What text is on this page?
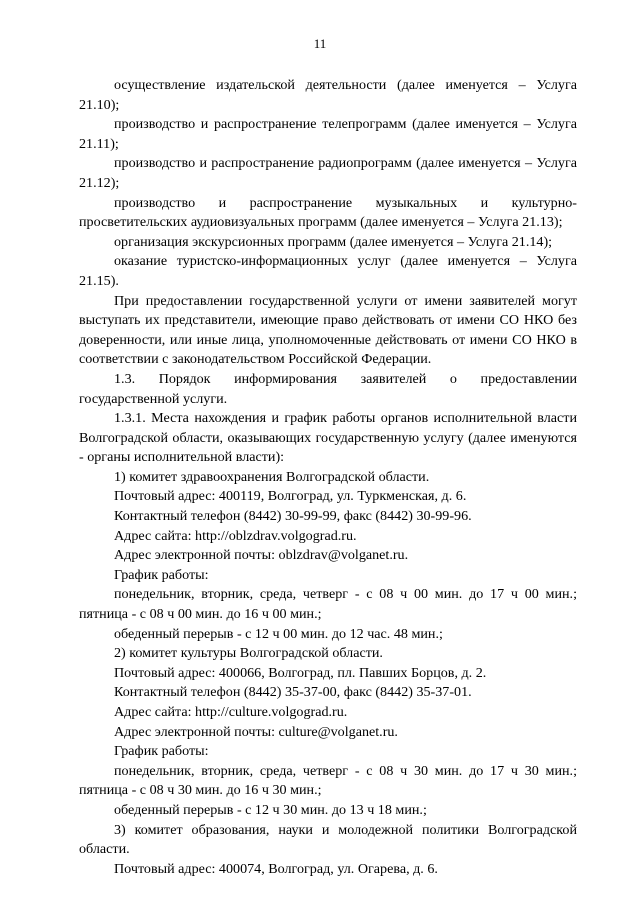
11

осуществление издательской деятельности (далее именуется – Услуга 21.10);

производство и распространение телепрограмм (далее именуется – Услуга 21.11);

производство и распространение радиопрограмм (далее именуется – Услуга 21.12);

производство и распространение музыкальных и культурно-просветительских аудиовизуальных программ (далее именуется – Услуга 21.13);

организация экскурсионных программ (далее именуется – Услуга 21.14);

оказание туристско-информационных услуг (далее именуется – Услуга 21.15).

При предоставлении государственной услуги от имени заявителей могут выступать их представители, имеющие право действовать от имени СО НКО без доверенности, или иные лица, уполномоченные действовать от имени СО НКО в соответствии с законодательством Российской Федерации.

1.3. Порядок информирования заявителей о предоставлении государственной услуги.

1.3.1. Места нахождения и график работы органов исполнительной власти Волгоградской области, оказывающих государственную услугу (далее именуются - органы исполнительной власти):

1) комитет здравоохранения Волгоградской области.

Почтовый адрес: 400119, Волгоград, ул. Туркменская, д. 6.

Контактный телефон (8442) 30-99-99, факс (8442) 30-99-96.

Адрес сайта: http://oblzdrav.volgograd.ru.

Адрес электронной почты: oblzdrav@volganet.ru.

График работы:

понедельник, вторник, среда, четверг - с 08 ч 00 мин. до 17 ч 00 мин.; пятница - с 08 ч 00 мин. до 16 ч 00 мин.;

обеденный перерыв - с 12 ч 00 мин. до 12 час. 48 мин.;

2) комитет культуры Волгоградской области.

Почтовый адрес: 400066, Волгоград, пл. Павших Борцов, д. 2.

Контактный телефон (8442) 35-37-00, факс (8442) 35-37-01.

Адрес сайта: http://culture.volgograd.ru.

Адрес электронной почты: culture@volganet.ru.

График работы:

понедельник, вторник, среда, четверг - с 08 ч 30 мин. до 17 ч 30 мин.; пятница - с 08 ч 30 мин. до 16 ч 30 мин.;

обеденный перерыв - с 12 ч 30 мин. до 13 ч 18 мин.;

3) комитет образования, науки и молодежной политики Волгоградской области.

Почтовый адрес: 400074, Волгоград, ул. Огарева, д. 6.
